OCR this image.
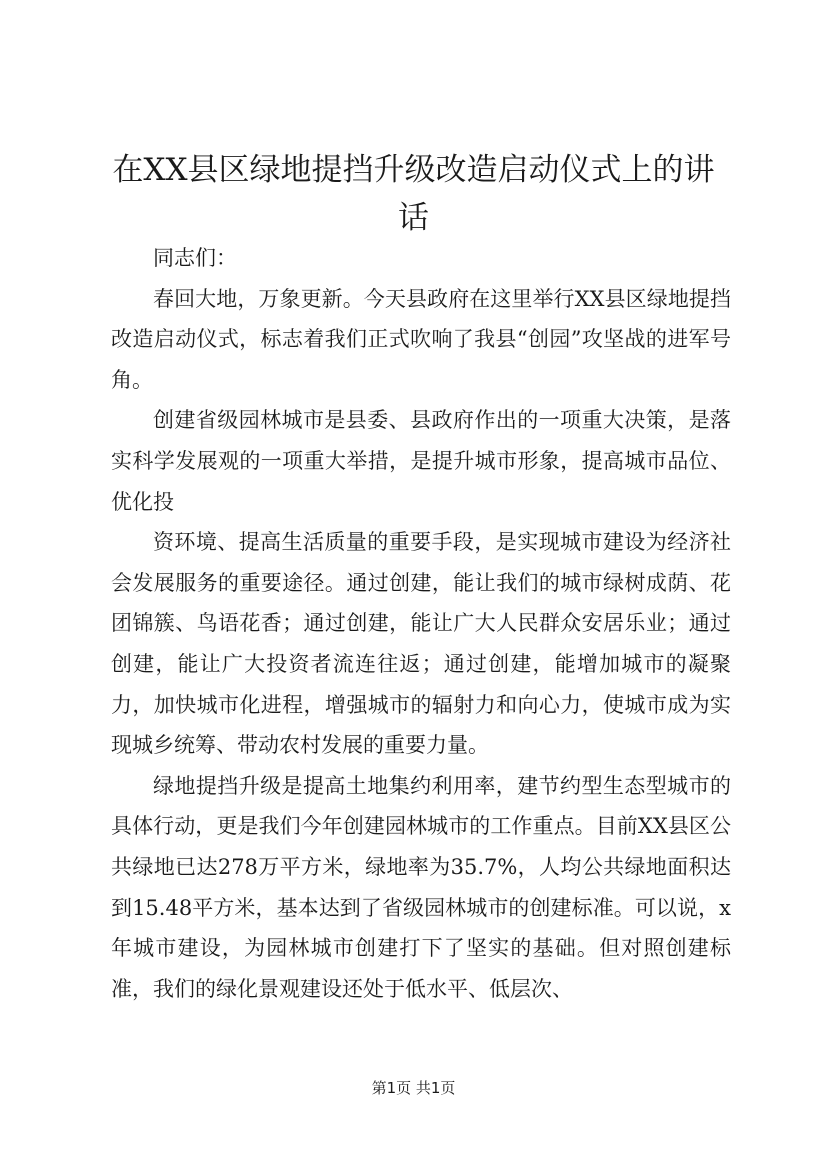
在XX县区绿地提挡升级改造启动仪式上的讲
话

同志们：

春回大地，万象更新。今天县政府在这里举行XX县区绿地提挡改造启动仪式，标志着我们正式吹响了我县“创园”攻坚战的进军号角。

创建省级园林城市是县委、县政府作出的一项重大决策，是落实科学发展观的一项重大举措，是提升城市形象，提高城市品位、优化投

资环境、提高生活质量的重要手段，是实现城市建设为经济社会发展服务的重要途径。通过创建，能让我们的城市绿树成荫、花团锦簇、鸟语花香；通过创建，能让广大人民群众安居乐业；通过创建，能让广大投资者流连往返；通过创建，能增加城市的凝聚力，加快城市化进程，增强城市的辐射力和向心力，使城市成为实现城乡统筹、带动农村发展的重要力量。

绿地提挡升级是提高土地集约利用率，建节约型生态型城市的具体行动，更是我们今年创建园林城市的工作重点。目前XX县区公共绿地已达278万平方米，绿地率为35.7%，人均公共绿地面积达到15.48平方米，基本达到了省级园林城市的创建标准。可以说，x年城市建设，为园林城市创建打下了坚实的基础。但对照创建标准，我们的绿化景观建设还处于低水平、低层次、

第1页 共1页
